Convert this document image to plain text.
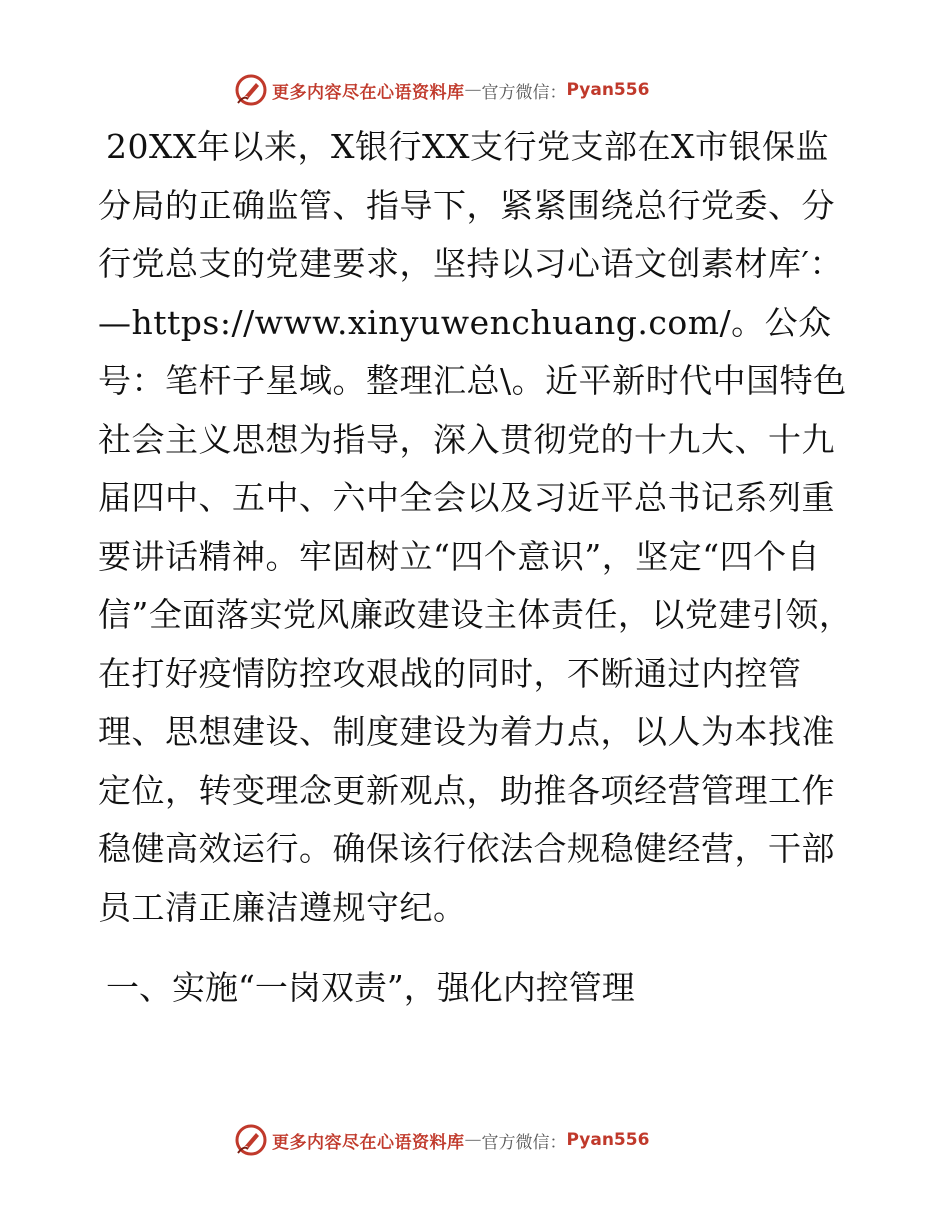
更多内容尽在心语资料库 — 官方微信： Pyan556

20XX年以来，X银行XX支行党支部在X市银保监分局的正确监管、指导下，紧紧围绕总行党委、分行党总支的党建要求，坚持以习心语文创素材库′：—https://www.xinyuwenchuang.com/。公众号：笔杆子星域。整理汇总\。近平新时代中国特色社会主义思想为指导，深入贯彻党的十九大、十九届四中、五中、六中全会以及习近平总书记系列重要讲话精神。牢固树立“四个意识”，坚定“四个自信”全面落实党风廉政建设主体责任，以党建引领，在打好疫情防控攻艰战的同时，不断通过内控管理、思想建设、制度建设为着力点，以人为本找准定位，转变理念更新观点，助推各项经营管理工作稳健高效运行。确保该行依法合规稳健经营，干部员工清正廉洁遵规守纪。

一、实施“一岗双责”，强化内控管理

更多内容尽在心语资料库 — 官方微信： Pyan556
